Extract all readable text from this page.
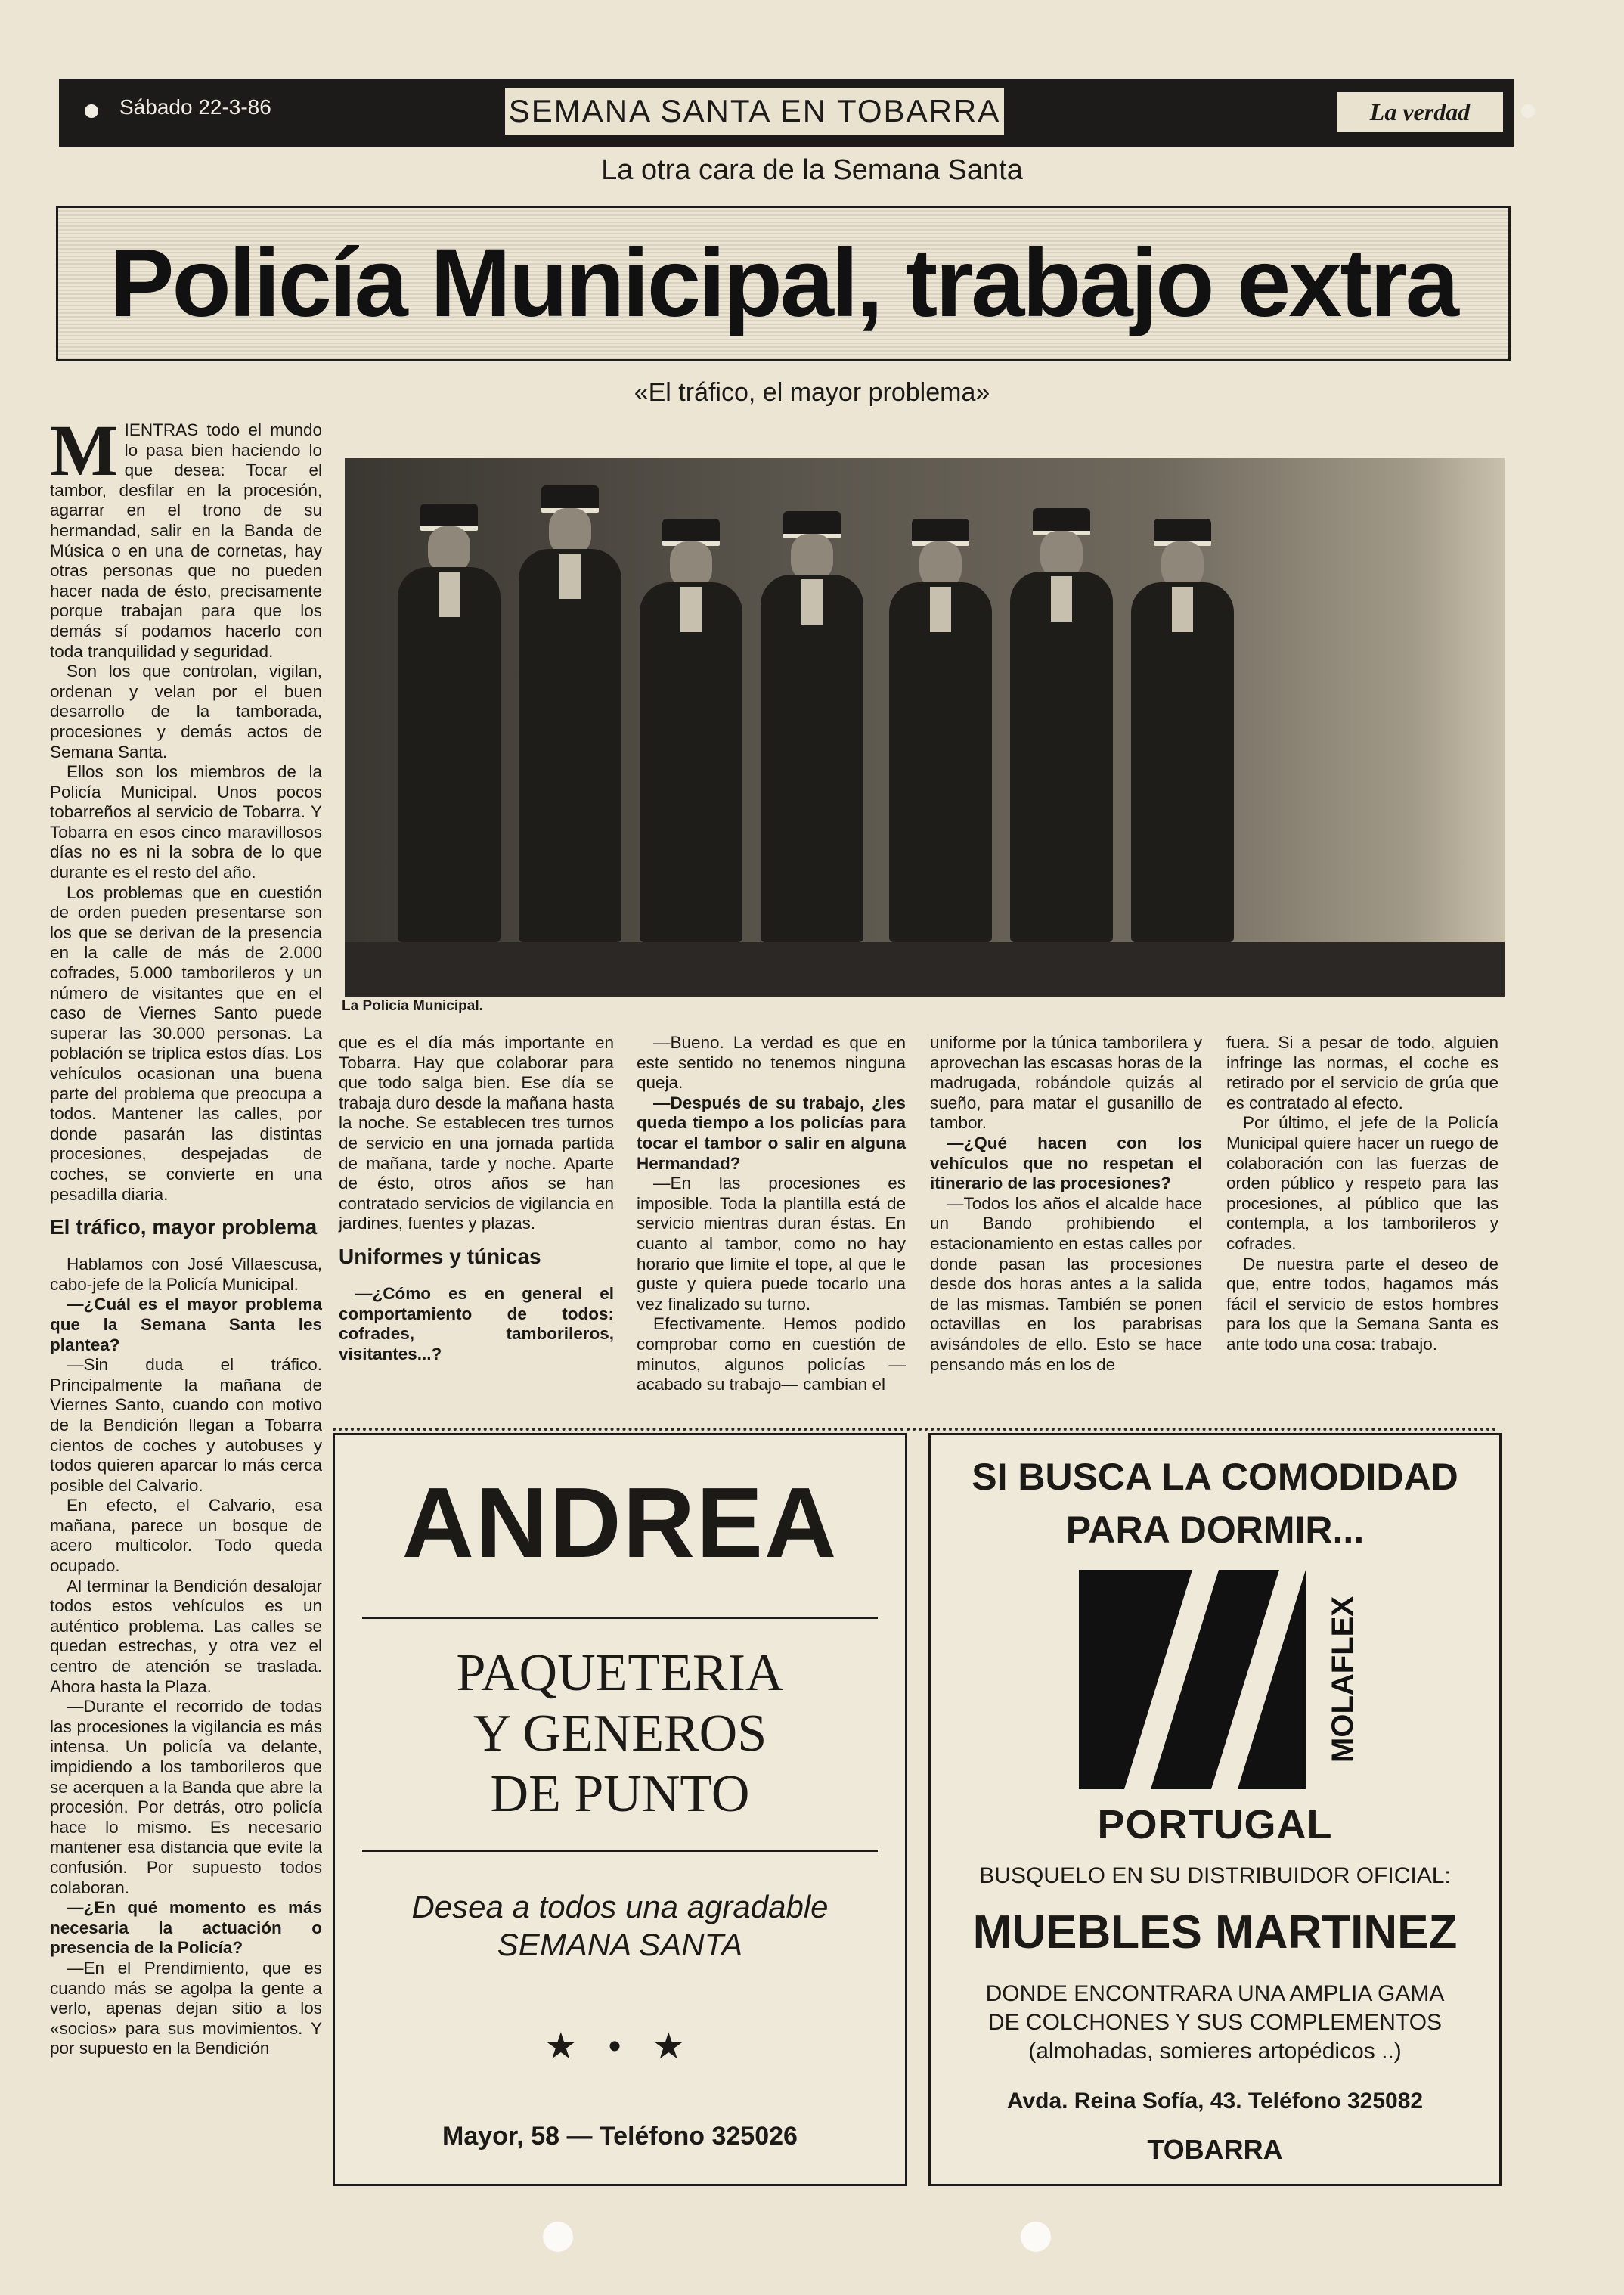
Sábado 22-3-86	SEMANA SANTA EN TOBARRA	La verdad
La otra cara de la Semana Santa
Policía Municipal, trabajo extra
«El tráfico, el mayor problema»

MIENTRAS todo el mundo lo pasa bien haciendo lo que desea: Tocar el tambor, desfilar en la procesión, agarrar en el trono de su hermandad, salir en la Banda de Música o en una de cornetas, hay otras personas que no pueden hacer nada de ésto, precisamente porque trabajan para que los demás sí podamos hacerlo con toda tranquilidad y seguridad.

Son los que controlan, vigilan, ordenan y velan por el buen desarrollo de la tamborada, procesiones y demás actos de Semana Santa.

Ellos son los miembros de la Policía Municipal. Unos pocos tobarreños al servicio de Tobarra. Y Tobarra en esos cinco maravillosos días no es ni la sobra de lo que durante es el resto del año.

Los problemas que en cuestión de orden pueden presentarse son los que se derivan de la presencia en la calle de más de 2.000 cofrades, 5.000 tamborileros y un número de visitantes que en el caso de Viernes Santo puede superar las 30.000 personas. La población se triplica estos días. Los vehículos ocasionan una buena parte del problema que preocupa a todos. Mantener las calles, por donde pasarán las distintas procesiones, despejadas de coches, se convierte en una pesadilla diaria.

El tráfico, mayor problema

Hablamos con José Villaescusa, cabo-jefe de la Policía Municipal.

—¿Cuál es el mayor problema que la Semana Santa les plantea?

—Sin duda el tráfico. Principalmente la mañana de Viernes Santo, cuando con motivo de la Bendición llegan a Tobarra cientos de coches y autobuses y todos quieren aparcar lo más cerca posible del Calvario.

En efecto, el Calvario, esa mañana, parece un bosque de acero multicolor. Todo queda ocupado.

Al terminar la Bendición desalojar todos estos vehículos es un auténtico problema. Las calles se quedan estrechas, y otra vez el centro de atención se traslada. Ahora hasta la Plaza.

—Durante el recorrido de todas las procesiones la vigilancia es más intensa. Un policía va delante, impidiendo a los tamborileros que se acerquen a la Banda que abre la procesión. Por detrás, otro policía hace lo mismo. Es necesario mantener esa distancia que evite la confusión. Por supuesto todos colaboran.

—¿En qué momento es más necesaria la actuación o presencia de la Policía?

—En el Prendimiento, que es cuando más se agolpa la gente a verlo, apenas dejan sitio a los «socios» para sus movimientos. Y por supuesto en la Bendición

La Policía Municipal.

que es el día más importante en Tobarra. Hay que colaborar para que todo salga bien. Ese día se trabaja duro desde la mañana hasta la noche. Se establecen tres turnos de servicio en una jornada partida de mañana, tarde y noche. Aparte de ésto, otros años se han contratado servicios de vigilancia en jardines, fuentes y plazas.

Uniformes y túnicas

—¿Cómo es en general el comportamiento de todos: cofrades, tamborileros, visitantes...?

—Bueno. La verdad es que en este sentido no tenemos ninguna queja.

—Después de su trabajo, ¿les queda tiempo a los policías para tocar el tambor o salir en alguna Hermandad?

—En las procesiones es imposible. Toda la plantilla está de servicio mientras duran éstas. En cuanto al tambor, como no hay horario que limite el tope, al que le guste y quiera puede tocarlo una vez finalizado su turno.

Efectivamente. Hemos podido comprobar como en cuestión de minutos, algunos policías —acabado su trabajo— cambian el

uniforme por la túnica tamborilera y aprovechan las escasas horas de la madrugada, robándole quizás al sueño, para matar el gusanillo de tambor.

—¿Qué hacen con los vehículos que no respetan el itinerario de las procesiones?

—Todos los años el alcalde hace un Bando prohibiendo el estacionamiento en estas calles por donde pasan las procesiones desde dos horas antes a la salida de las mismas. También se ponen octavillas en los parabrisas avisándoles de ello. Esto se hace pensando más en los de

fuera. Si a pesar de todo, alguien infringe las normas, el coche es retirado por el servicio de grúa que es contratado al efecto.

Por último, el jefe de la Policía Municipal quiere hacer un ruego de colaboración con las fuerzas de orden público y respeto para las procesiones, al público que las contempla, a los tamborileros y cofrades.

De nuestra parte el deseo de que, entre todos, hagamos más fácil el servicio de estos hombres para los que la Semana Santa es ante todo una cosa: trabajo.

ANDREA
PAQUETERIA
Y GENEROS
DE PUNTO
Desea a todos una agradable
SEMANA SANTA
★ • ★
Mayor, 58 — Teléfono 325026
SI BUSCA LA COMODIDAD
PARA DORMIR...
MOLAFLEX
PORTUGAL
BUSQUELO EN SU DISTRIBUIDOR OFICIAL:
MUEBLES MARTINEZ
DONDE ENCONTRARA UNA AMPLIA GAMA
DE COLCHONES Y SUS COMPLEMENTOS
(almohadas, somieres artopédicos ..)
Avda. Reina Sofía, 43. Teléfono 325082
TOBARRA
